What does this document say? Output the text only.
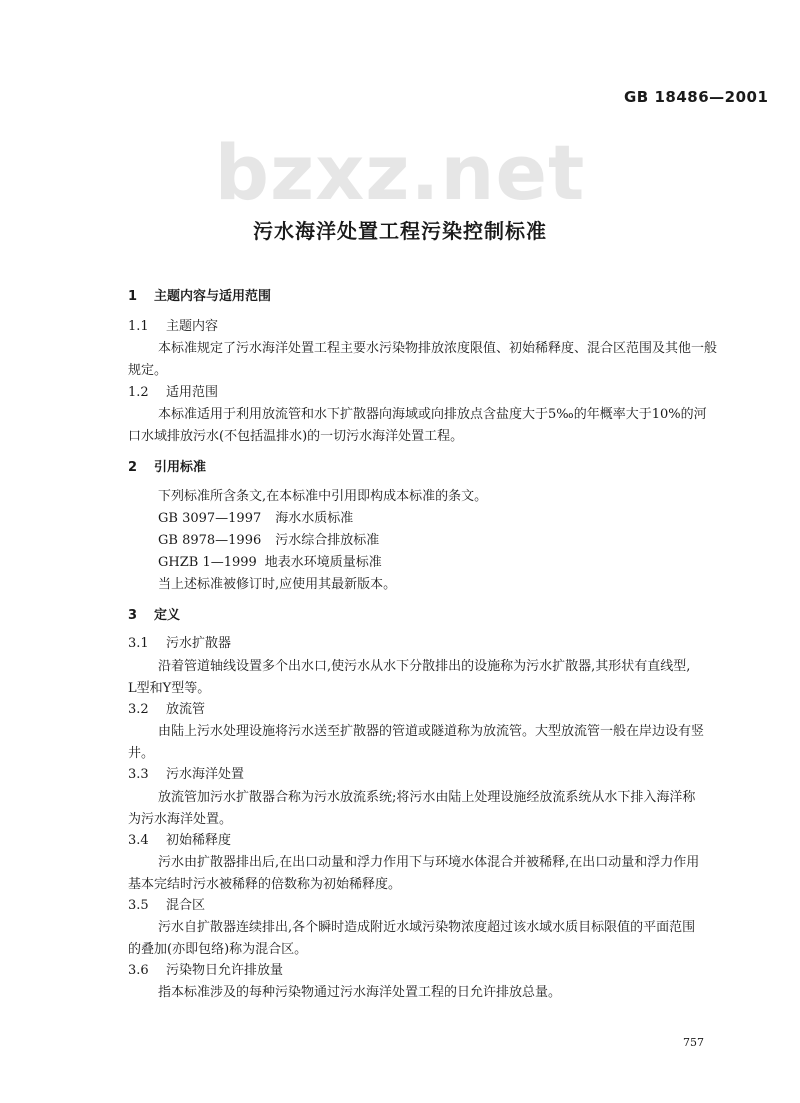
GB 18486—2001
bzxz.net
污水海洋处置工程污染控制标准
1 主题内容与适用范围
1.1 主题内容
本标准规定了污水海洋处置工程主要水污染物排放浓度限值、初始稀释度、混合区范围及其他一般
规定。
1.2 适用范围
本标准适用于利用放流管和水下扩散器向海域或向排放点含盐度大于5‰的年概率大于10%的河
口水域排放污水(不包括温排水)的一切污水海洋处置工程。
2 引用标准
下列标准所含条文,在本标准中引用即构成本标准的条文。
GB 3097—1997 海水水质标准
GB 8978—1996 污水综合排放标准
GHZB 1—1999 地表水环境质量标准
当上述标准被修订时,应使用其最新版本。
3 定义
3.1 污水扩散器
沿着管道轴线设置多个出水口,使污水从水下分散排出的设施称为污水扩散器,其形状有直线型,
L型和Y型等。
3.2 放流管
由陆上污水处理设施将污水送至扩散器的管道或隧道称为放流管。大型放流管一般在岸边设有竖
井。
3.3 污水海洋处置
放流管加污水扩散器合称为污水放流系统;将污水由陆上处理设施经放流系统从水下排入海洋称
为污水海洋处置。
3.4 初始稀释度
污水由扩散器排出后,在出口动量和浮力作用下与环境水体混合并被稀释,在出口动量和浮力作用
基本完结时污水被稀释的倍数称为初始稀释度。
3.5 混合区
污水自扩散器连续排出,各个瞬时造成附近水域污染物浓度超过该水域水质目标限值的平面范围
的叠加(亦即包络)称为混合区。
3.6 污染物日允许排放量
指本标准涉及的每种污染物通过污水海洋处置工程的日允许排放总量。
757
